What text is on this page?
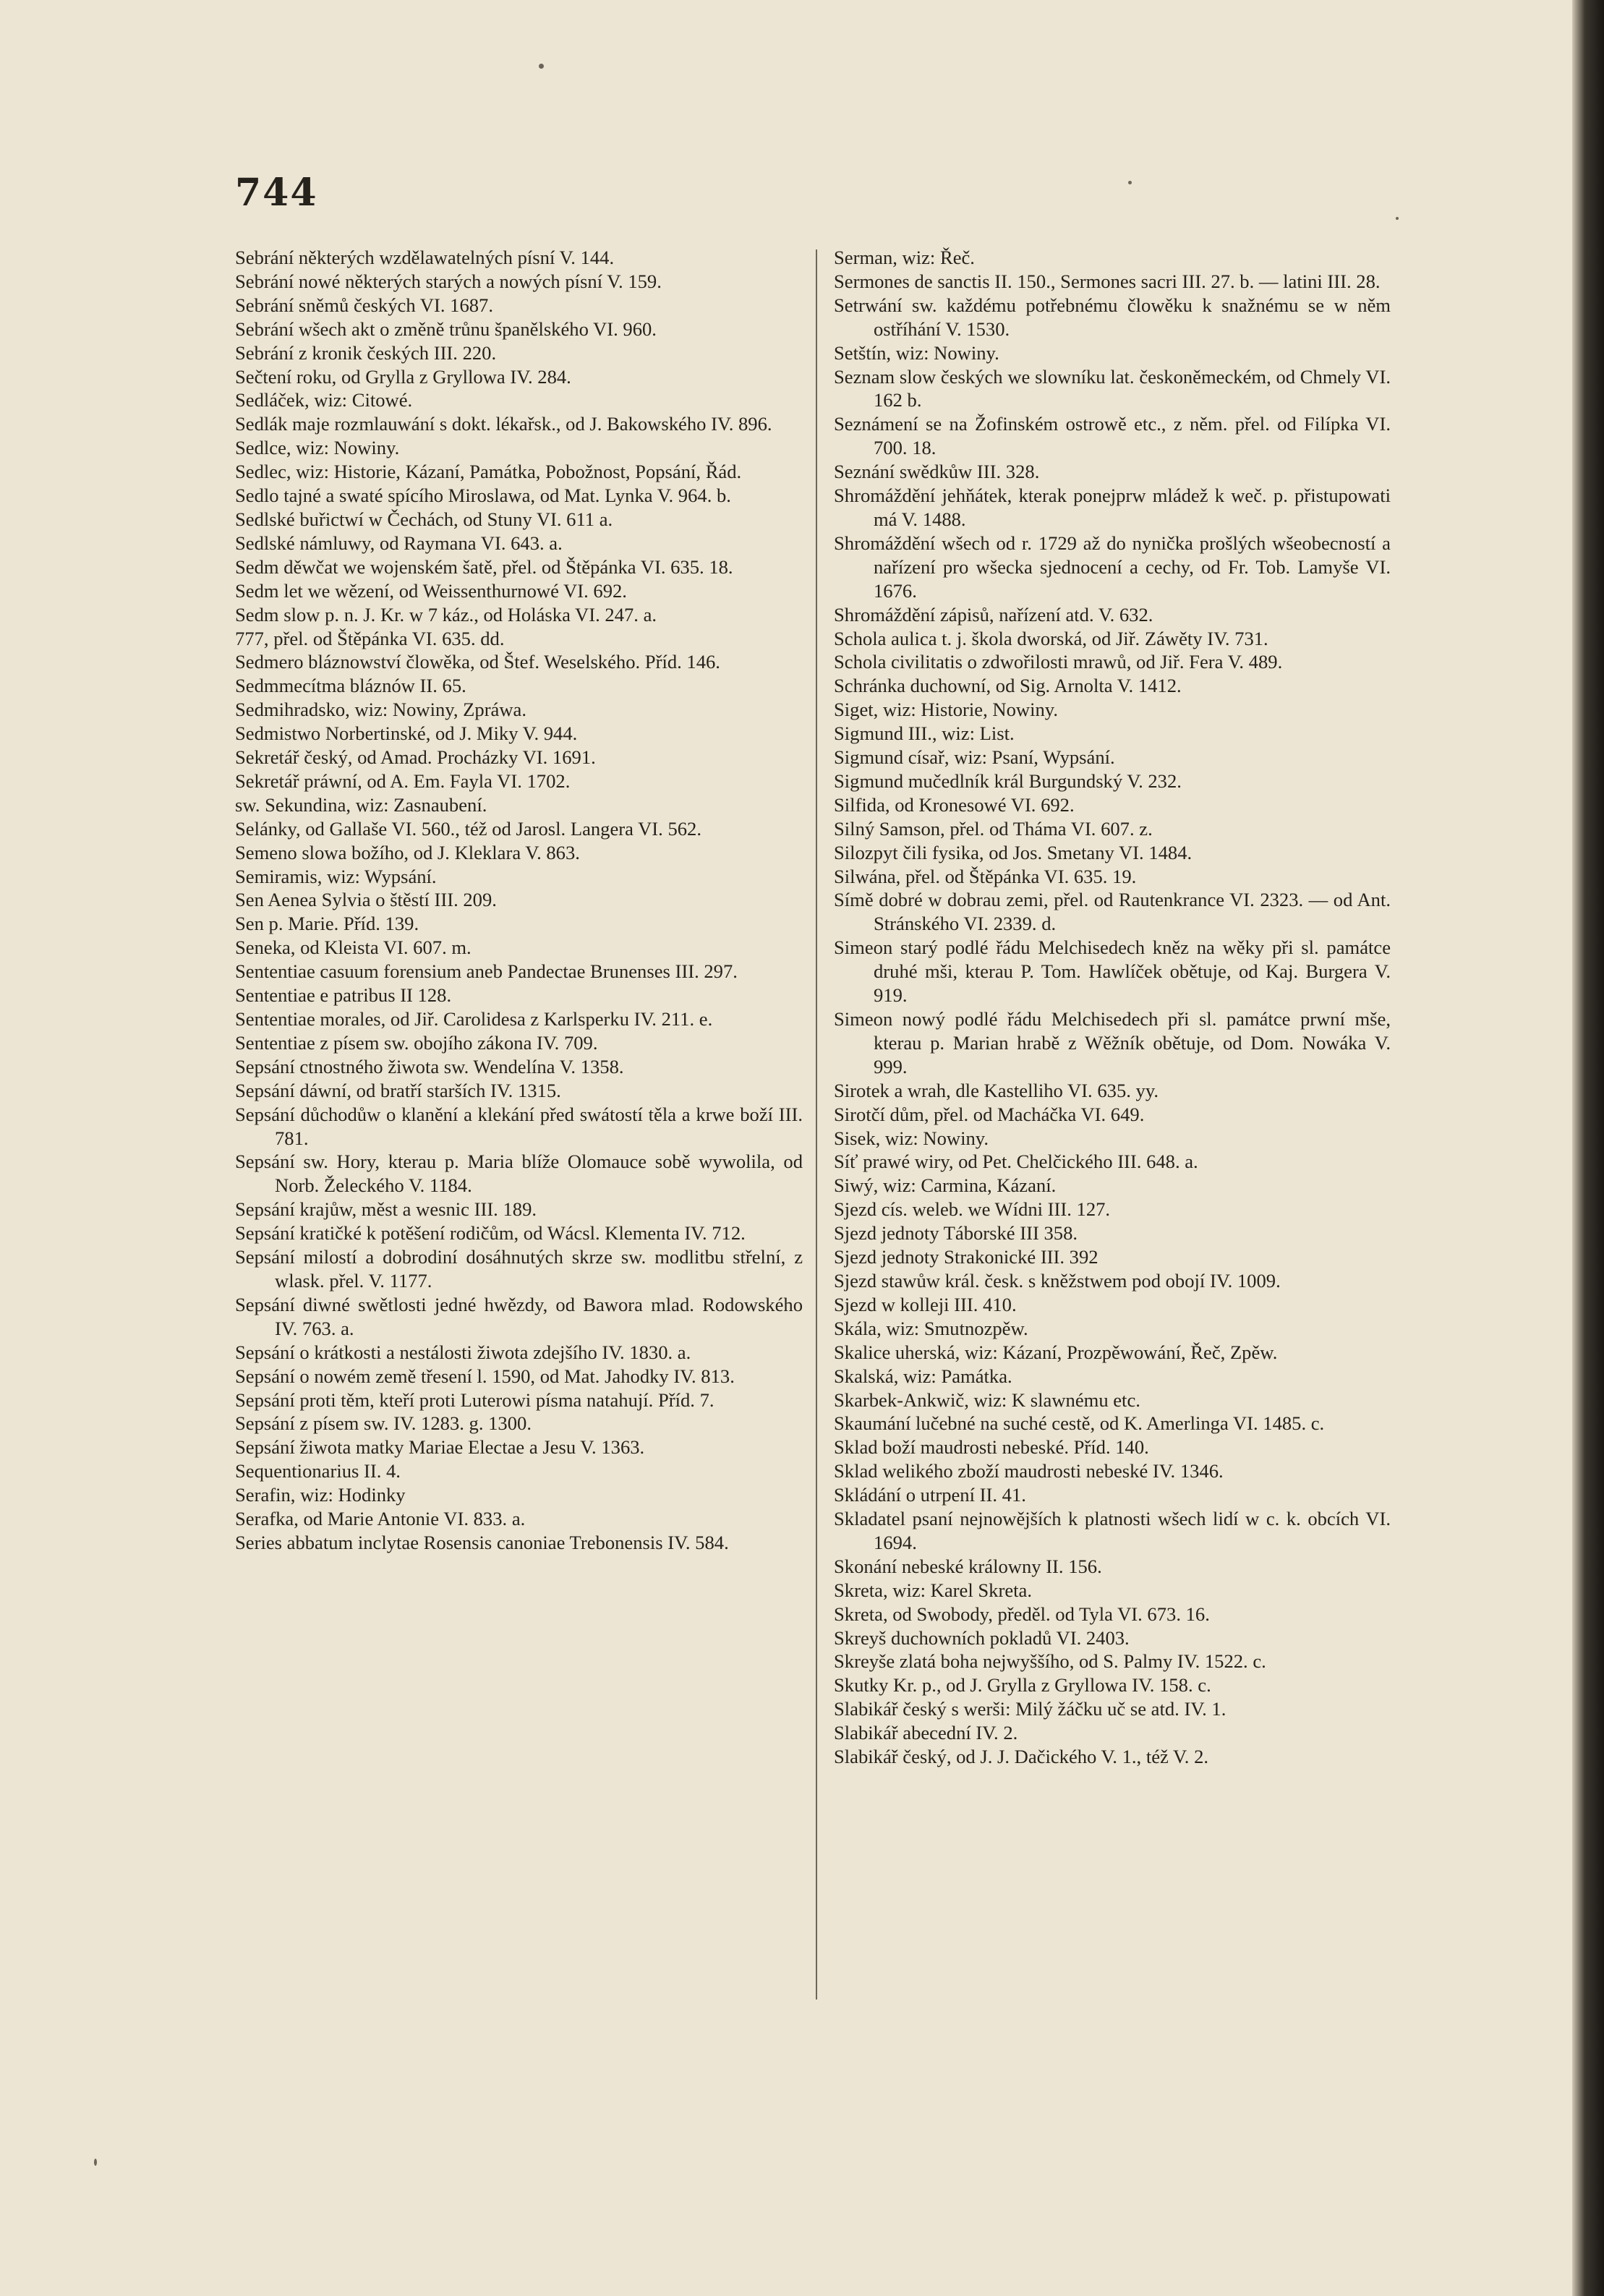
744

Sebrání některých wzdělawatelných písní V. 144.

Sebrání nowé některých starých a nowých písní V. 159.

Sebrání sněmů českých VI. 1687.

Sebrání wšech akt o změně trůnu španělského VI. 960.

Sebrání z kronik českých III. 220.

Sečtení roku, od Grylla z Gryllowa IV. 284.

Sedláček, wiz: Citowé.

Sedlák maje rozmlauwání s dokt. lékařsk., od J. Bakowského IV. 896.

Sedlce, wiz: Nowiny.

Sedlec, wiz: Historie, Kázaní, Památka, Pobožnost, Popsání, Řád.

Sedlo tajné a swaté spícího Miroslawa, od Mat. Lynka V. 964. b.

Sedlské buřictwí w Čechách, od Stuny VI. 611 a.

Sedlské námluwy, od Raymana VI. 643. a.

Sedm děwčat we wojenském šatě, přel. od Štěpánka VI. 635. 18.

Sedm let we wězení, od Weissenthurnowé VI. 692.

Sedm slow p. n. J. Kr. w 7 káz., od Holáska VI. 247. a.

777, přel. od Štěpánka VI. 635. dd.

Sedmero bláznowství člowěka, od Štef. Weselského. Příd. 146.

Sedmmecítma bláznów II. 65.

Sedmihradsko, wiz: Nowiny, Zpráwa.

Sedmistwo Norbertinské, od J. Miky V. 944.

Sekretář český, od Amad. Procházky VI. 1691.

Sekretář práwní, od A. Em. Fayla VI. 1702.

sw. Sekundina, wiz: Zasnaubení.

Selánky, od Gallaše VI. 560., též od Jarosl. Langera VI. 562.

Semeno slowa božího, od J. Kleklara V. 863.

Semiramis, wiz: Wypsání.

Sen Aenea Sylvia o štěstí III. 209.

Sen p. Marie. Příd. 139.

Seneka, od Kleista VI. 607. m.

Sententiae casuum forensium aneb Pandectae Brunenses III. 297.

Sententiae e patribus II 128.

Sententiae morales, od Jiř. Carolidesa z Karlsperku IV. 211. e.

Sententiae z písem sw. obojího zákona IV. 709.

Sepsání ctnostného žiwota sw. Wendelína V. 1358.

Sepsání dáwní, od bratří starších IV. 1315.

Sepsání důchodůw o klanění a klekání před swátostí těla a krwe boží III. 781.

Sepsání sw. Hory, kterau p. Maria blíže Olomauce sobě wywolila, od Norb. Želeckého V. 1184.

Sepsání krajůw, měst a wesnic III. 189.

Sepsání kratičké k potěšení rodičům, od Wácsl. Klementa IV. 712.

Sepsání milostí a dobrodiní dosáhnutých skrze sw. modlitbu střelní, z wlask. přel. V. 1177.

Sepsání diwné swětlosti jedné hwězdy, od Bawora mlad. Rodowského IV. 763. a.

Sepsání o krátkosti a nestálosti žiwota zdejšího IV. 1830. a.

Sepsání o nowém země třesení l. 1590, od Mat. Jahodky IV. 813.

Sepsání proti těm, kteří proti Luterowi písma natahují. Příd. 7.

Sepsání z písem sw. IV. 1283. g. 1300.

Sepsání žiwota matky Mariae Electae a Jesu V. 1363.

Sequentionarius II. 4.

Serafin, wiz: Hodinky

Serafka, od Marie Antonie VI. 833. a.

Series abbatum inclytae Rosensis canoniae Trebonensis IV. 584.

Serman, wiz: Řeč.

Sermones de sanctis II. 150., Sermones sacri III. 27. b. — latini III. 28.

Setrwání sw. každému potřebnému člowěku k snažnému se w něm ostříhání V. 1530.

Setštín, wiz: Nowiny.

Seznam slow českých we slowníku lat. českoněmeckém, od Chmely VI. 162 b.

Seznámení se na Žofinském ostrowě etc., z něm. přel. od Filípka VI. 700. 18.

Seznání swědkůw III. 328.

Shromáždění jehňátek, kterak ponejprw mládež k weč. p. přistupowati má V. 1488.

Shromáždění wšech od r. 1729 až do nynička prošlých wšeobecností a nařízení pro wšecka sjednocení a cechy, od Fr. Tob. Lamyše VI. 1676.

Shromáždění zápisů, nařízení atd. V. 632.

Schola aulica t. j. škola dworská, od Jiř. Záwěty IV. 731.

Schola civilitatis o zdwořilosti mrawů, od Jiř. Fera V. 489.

Schránka duchowní, od Sig. Arnolta V. 1412.

Siget, wiz: Historie, Nowiny.

Sigmund III., wiz: List.

Sigmund císař, wiz: Psaní, Wypsání.

Sigmund mučedlník král Burgundský V. 232.

Silfida, od Kronesowé VI. 692.

Silný Samson, přel. od Tháma VI. 607. z.

Silozpyt čili fysika, od Jos. Smetany VI. 1484.

Silwána, přel. od Štěpánka VI. 635. 19.

Símě dobré w dobrau zemi, přel. od Rautenkrance VI. 2323. — od Ant. Stránského VI. 2339. d.

Simeon starý podlé řádu Melchisedech kněz na wěky při sl. památce druhé mši, kterau P. Tom. Hawlíček obětuje, od Kaj. Burgera V. 919.

Simeon nowý podlé řádu Melchisedech při sl. památce prwní mše, kterau p. Marian hrabě z Wěžník obětuje, od Dom. Nowáka V. 999.

Sirotek a wrah, dle Kastelliho VI. 635. yy.

Sirotčí dům, přel. od Macháčka VI. 649.

Sisek, wiz: Nowiny.

Síť prawé wiry, od Pet. Chelčického III. 648. a.

Siwý, wiz: Carmina, Kázaní.

Sjezd cís. weleb. we Wídni III. 127.

Sjezd jednoty Táborské III 358.

Sjezd jednoty Strakonické III. 392

Sjezd stawůw král. česk. s kněžstwem pod obojí IV. 1009.

Sjezd w kolleji III. 410.

Skála, wiz: Smutnozpěw.

Skalice uherská, wiz: Kázaní, Prozpěwowání, Řeč, Zpěw.

Skalská, wiz: Památka.

Skarbek-Ankwič, wiz: K slawnému etc.

Skaumání lučebné na suché cestě, od K. Amerlinga VI. 1485. c.

Sklad boží maudrosti nebeské. Příd. 140.

Sklad welikého zboží maudrosti nebeské IV. 1346.

Skládání o utrpení II. 41.

Skladatel psaní nejnowějších k platnosti wšech lidí w c. k. obcích VI. 1694.

Skonání nebeské králowny II. 156.

Skreta, wiz: Karel Skreta.

Skreta, od Swobody, předěl. od Tyla VI. 673. 16.

Skreyš duchowních pokladů VI. 2403.

Skreyše zlatá boha nejwyššího, od S. Palmy IV. 1522. c.

Skutky Kr. p., od J. Grylla z Gryllowa IV. 158. c.

Slabikář český s werši: Milý žáčku uč se atd. IV. 1.

Slabikář abecední IV. 2.

Slabikář český, od J. J. Dačického V. 1., též V. 2.
